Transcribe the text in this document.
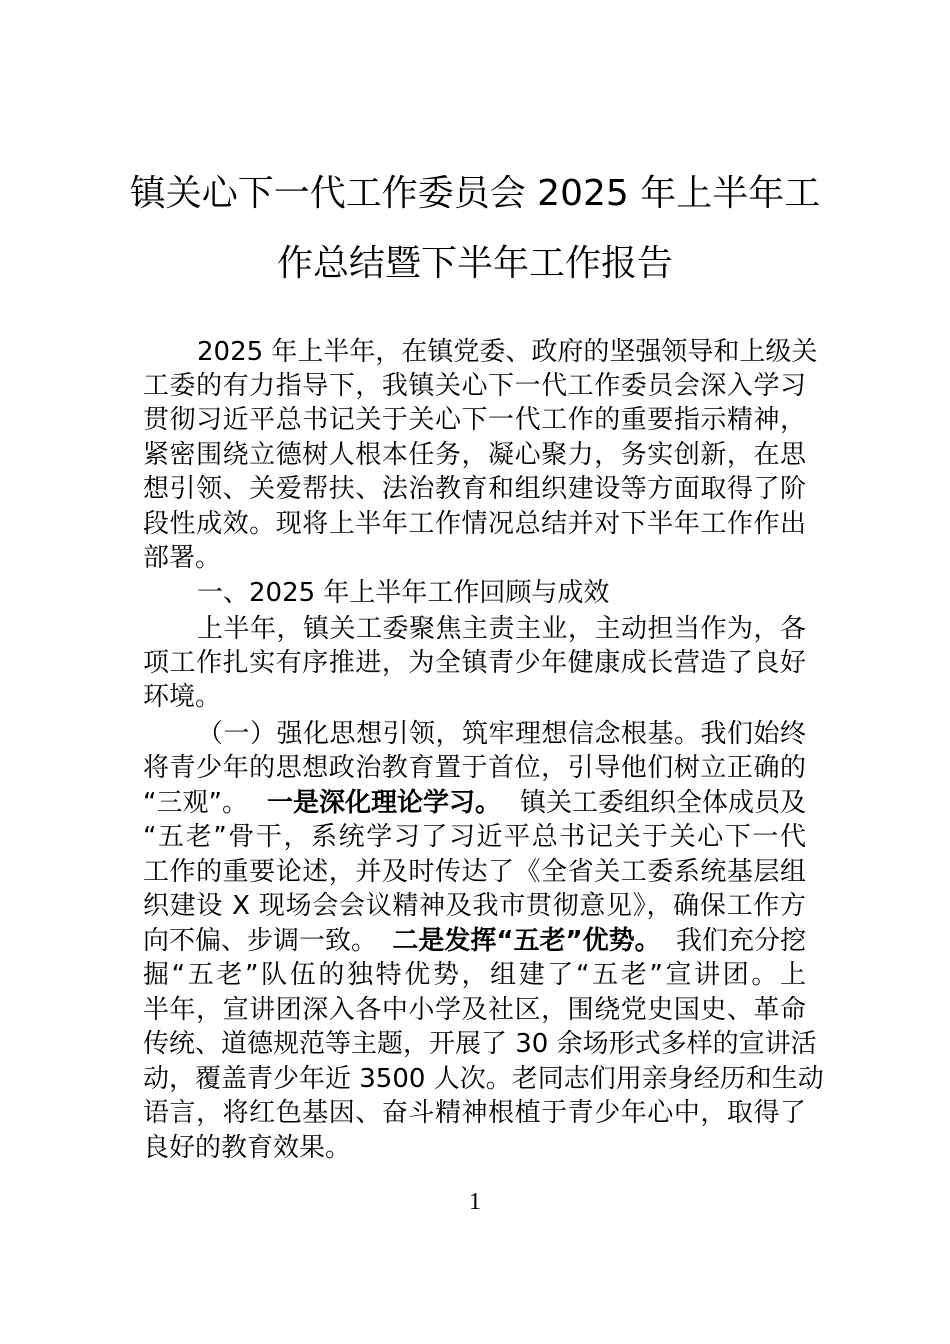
镇关心下一代工作委员会 2025 年上半年工
作总结暨下半年工作报告
2025 年上半年，在镇党委、政府的坚强领导和上级关
工委的有力指导下，我镇关心下一代工作委员会深入学习
贯彻习近平总书记关于关心下一代工作的重要指示精神，
紧密围绕立德树人根本任务，凝心聚力，务实创新，在思
想引领、关爱帮扶、法治教育和组织建设等方面取得了阶
段性成效。现将上半年工作情况总结并对下半年工作作出
部署。
一、2025 年上半年工作回顾与成效
上半年，镇关工委聚焦主责主业，主动担当作为，各
项工作扎实有序推进，为全镇青少年健康成长营造了良好
环境。
（一）强化思想引领，筑牢理想信念根基。我们始终
将青少年的思想政治教育置于首位，引导他们树立正确的
“三观”。 一是深化理论学习。 镇关工委组织全体成员及
“五老”骨干，系统学习了习近平总书记关于关心下一代
工作的重要论述，并及时传达了《全省关工委系统基层组
织建设 X 现场会会议精神及我市贯彻意见》，确保工作方
向不偏、步调一致。 二是发挥“五老”优势。 我们充分挖
掘“五老”队伍的独特优势，组建了“五老”宣讲团。上
半年，宣讲团深入各中小学及社区，围绕党史国史、革命
传统、道德规范等主题，开展了 30 余场形式多样的宣讲活
动，覆盖青少年近 3500 人次。老同志们用亲身经历和生动
语言，将红色基因、奋斗精神根植于青少年心中，取得了
良好的教育效果。
1
